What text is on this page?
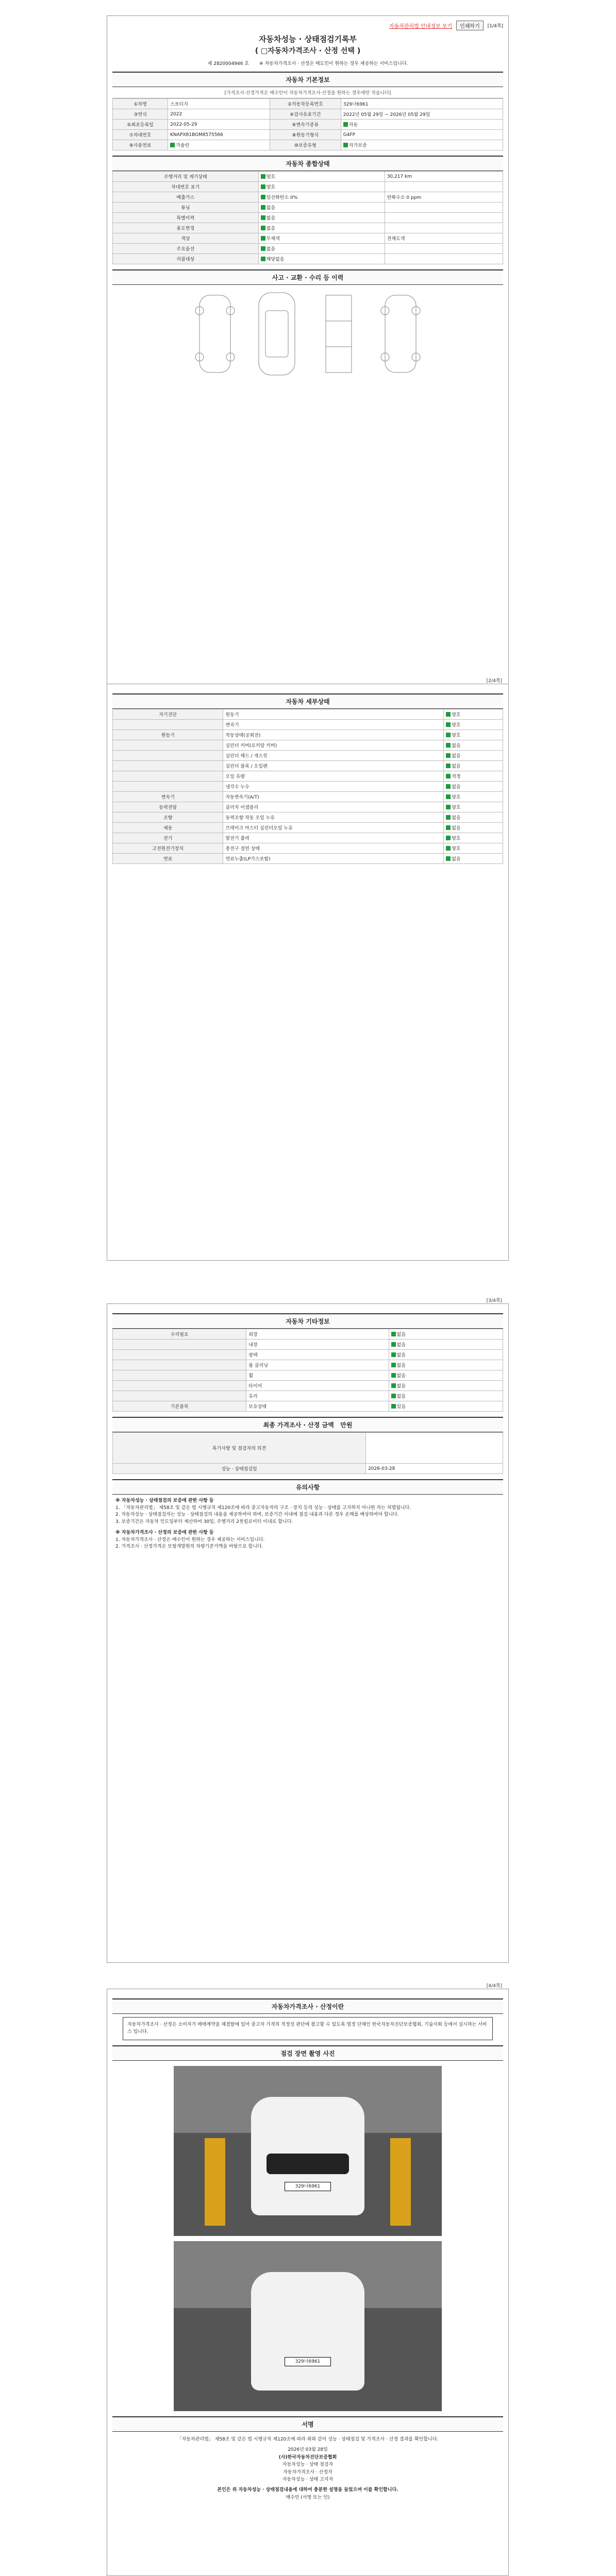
자동차관리법 안내정보 보기	인쇄하기	[1/4쪽]
자동차성능 · 상태점검기록부
( □자동차가격조사 · 산정 선택 )
제 2820004946 호 ※ 자동차가격조사 · 산정은 매도인이 원하는 경우 제공하는 서비스입니다.
자동차 기본정보
[가격조사·산정가격은 매수인이 자동차가격조사·산정을 원하는 경우에만 적습니다]
①차명	스포티지	②자동차등록번호	329너6961
③연식	2022	④검사유효기간	2022년 05월 29일 ~ 2026년 05월 29일
⑤최초등록일	2022-05-29	⑥변속기종류	자동
⑦차대번호	KNAPX81BGM8575566	⑧원동기형식	G4FP
⑨사용연료	가솔린	⑩보증유형	자가보증
자동차 종합상태
주행거리 및 계기상태	양호	30,217 km
차대번호 표기	양호	
배출가스	일산화탄소 0%	탄화수소 0 ppm
튜닝	없음	
특별이력	없음	
용도변경	없음	
색상	무채색	전체도색
주요옵션	없음	
리콜대상	해당없음	
사고 · 교환 · 수리 등 이력
[2/4쪽]
자동차 세부상태
자기진단	원동기	양호
	변속기	양호
원동기	작동상태(공회전)	양호
	실린더 커버(로커암 커버)	없음
	실린더 헤드 / 개스킷	없음
	실린더 블록 / 오일팬	없음
	오일 유량	적정
	냉각수 누수	없음
변속기	자동변속기(A/T)	양호
동력전달	클러치 어셈블리	양호
조향	동력조향 작동 오일 누유	없음
제동	브레이크 마스터 실린더오일 누유	없음
전기	발전기 출력	양호
고전원전기장치	충전구 절연 상태	양호
연료	연료누출(LP가스포함)	없음
[3/4쪽]
자동차 기타정보
수리필요	외장	없음
	내장	없음
	광택	없음
	룸 클리닝	없음
	휠	없음
	타이어	없음
	유리	없음
기본품목	보유상태	있음
최종 가격조사 · 산정 금액 만원
특기사항 및 점검자의 의견	
성능 · 상태점검일	2026-03-28
유의사항

※ 자동차성능 · 상태점검의 보증에 관한 사항 등

1. 「자동차관리법」 제58조 및 같은 법 시행규칙 제120조에 따라 중고자동차의 구조 · 장치 등의 성능 · 상태를 고지하지 아니한 자는 처벌됩니다.

2. 자동차성능 · 상태점검자는 성능 · 상태점검의 내용을 제공하여야 하며, 보증기간 이내에 점검 내용과 다른 경우 손해를 배상하여야 합니다.

3. 보증기간은 자동차 인도일부터 계산하여 30일, 주행거리 2천킬로미터 이내로 합니다.

※ 자동차가격조사 · 산정의 보증에 관한 사항 등

1. 자동차가격조사 · 산정은 매수인이 원하는 경우 제공하는 서비스입니다.

2. 가격조사 · 산정가격은 보험개발원의 차량기준가액을 바탕으로 합니다.

[4/4쪽]
자동차가격조사 · 산정이란
자동차가격조사 · 산정은 소비자가 매매계약을 체결함에 있어 중고차 가격의 적정성 판단에 참고할 수 있도록 법정 단체인 한국자동차진단보증협회, 기술사회 등에서 실시하는 서비스 입니다.
점검 장면 촬영 사진
329너6961
329너6961
서명

「자동차관리법」 제58조 및 같은 법 시행규칙 제120조에 따라 위와 같이 성능 · 상태점검 및 가격조사 · 산정 결과를 확인합니다.

2026년 03월 28일

(사)한국자동차진단보증협회

자동차성능 · 상태 점검자

자동차가격조사 · 산정자

자동차성능 · 상태 고지자

본인은 위 자동차성능 · 상태점검내용에 대하여 충분한 설명을 들었으며 이를 확인합니다.

매수인 (서명 또는 인)
